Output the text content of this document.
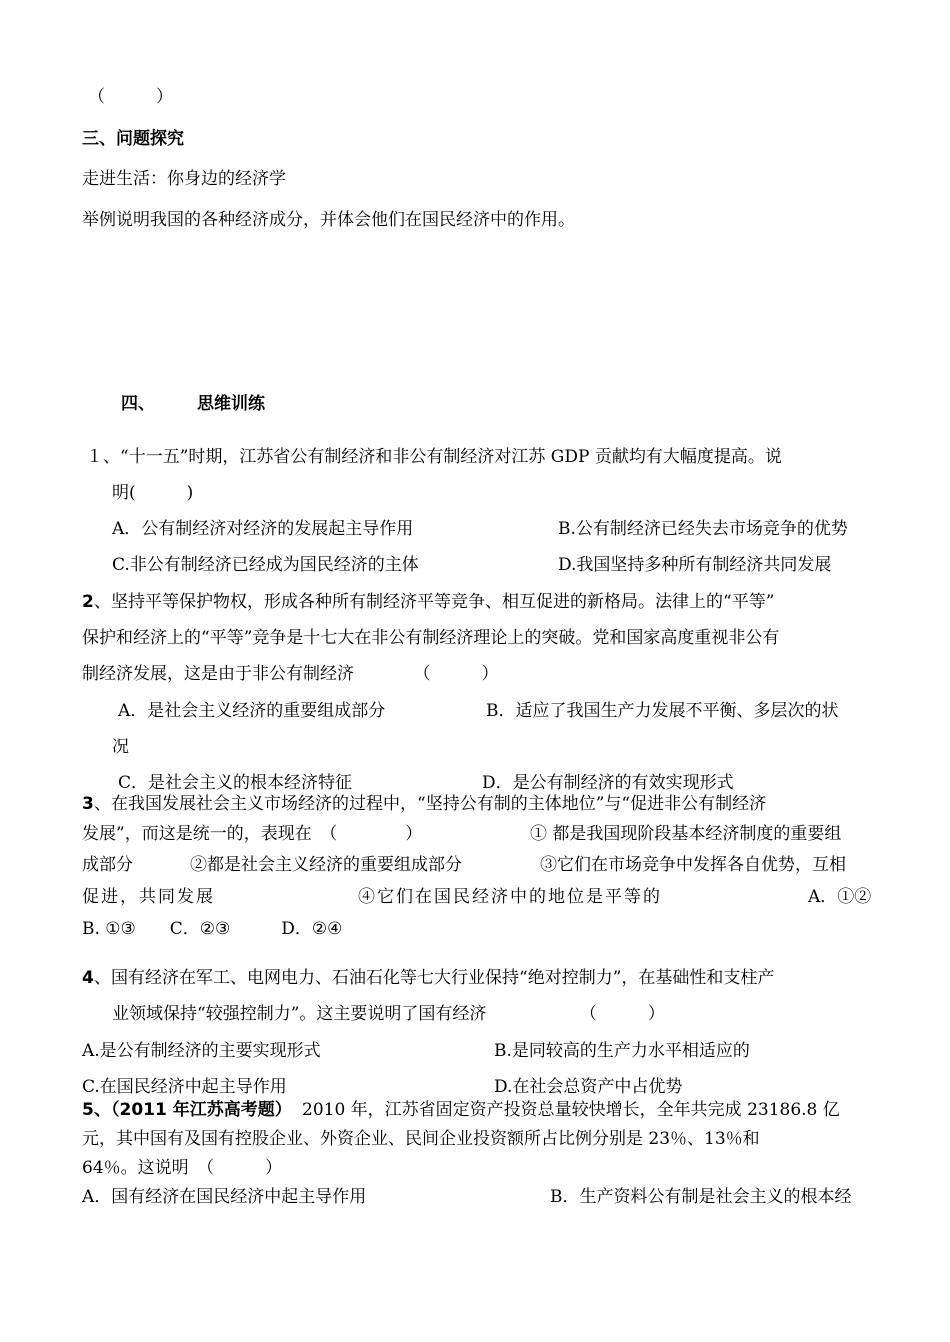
（　　　）
三、问题探究
走进生活：你身边的经济学
举例说明我国的各种经济成分，并体会他们在国民经济中的作用。
四、 思维训练
１、“十一五”时期，江苏省公有制经济和非公有制经济对江苏 GDP 贡献均有大幅度提高。说
明(　　　)
A．公有制经济对经济的发展起主导作用	B.公有制经济已经失去市场竞争的优势
C.非公有制经济已经成为国民经济的主体	D.我国坚持多种所有制经济共同发展
2 、坚持平等保护物权，形成各种所有制经济平等竞争、相互促进的新格局。法律上的“平等”
保护和经济上的“平等”竞争是十七大在非公有制经济理论上的突破。党和国家高度重视非公有
制经济发展，这是由于非公有制经济　　　　（　　　）
A．是社会主义经济的重要组成部分	B．适应了我国生产力发展不平衡、多层次的状
况
C．是社会主义的根本经济特征	D．是公有制经济的有效实现形式
3 、在我国发展社会主义市场经济的过程中，“坚持公有制的主体地位”与“促进非公有制经济
发展”，而这是统一的，表现在　（　　　　）	① 都是我国现阶段基本经济制度的重要组
成部分	②都是社会主义经济的重要组成部分	③它们在市场竞争中发挥各自优势，互相
促进，共同发展	④它们在国民经济中的地位是平等的	A．①②
B. ①③　　C．②③　　　D．②④
4 、国有经济在军工、电网电力、石油石化等七大行业保持“绝对控制力”，在基础性和支柱产
业领域保持“较强控制力”。这主要说明了国有经济　　　　　　（　　　）
A.是公有制经济的主要实现形式	B.是同较高的生产力水平相适应的
C.在国民经济中起主导作用	D.在社会总资产中占优势
5 、（2011 年江苏高考题） 2010 年，江苏省固定资产投资总量较快增长，全年共完成 23186.8 亿
元，其中国有及国有控股企业、外资企业、民间企业投资额所占比例分别是 23％、13％和
64％。这说明　（　　　）
A．国有经济在国民经济中起主导作用	B．生产资料公有制是社会主义的根本经
